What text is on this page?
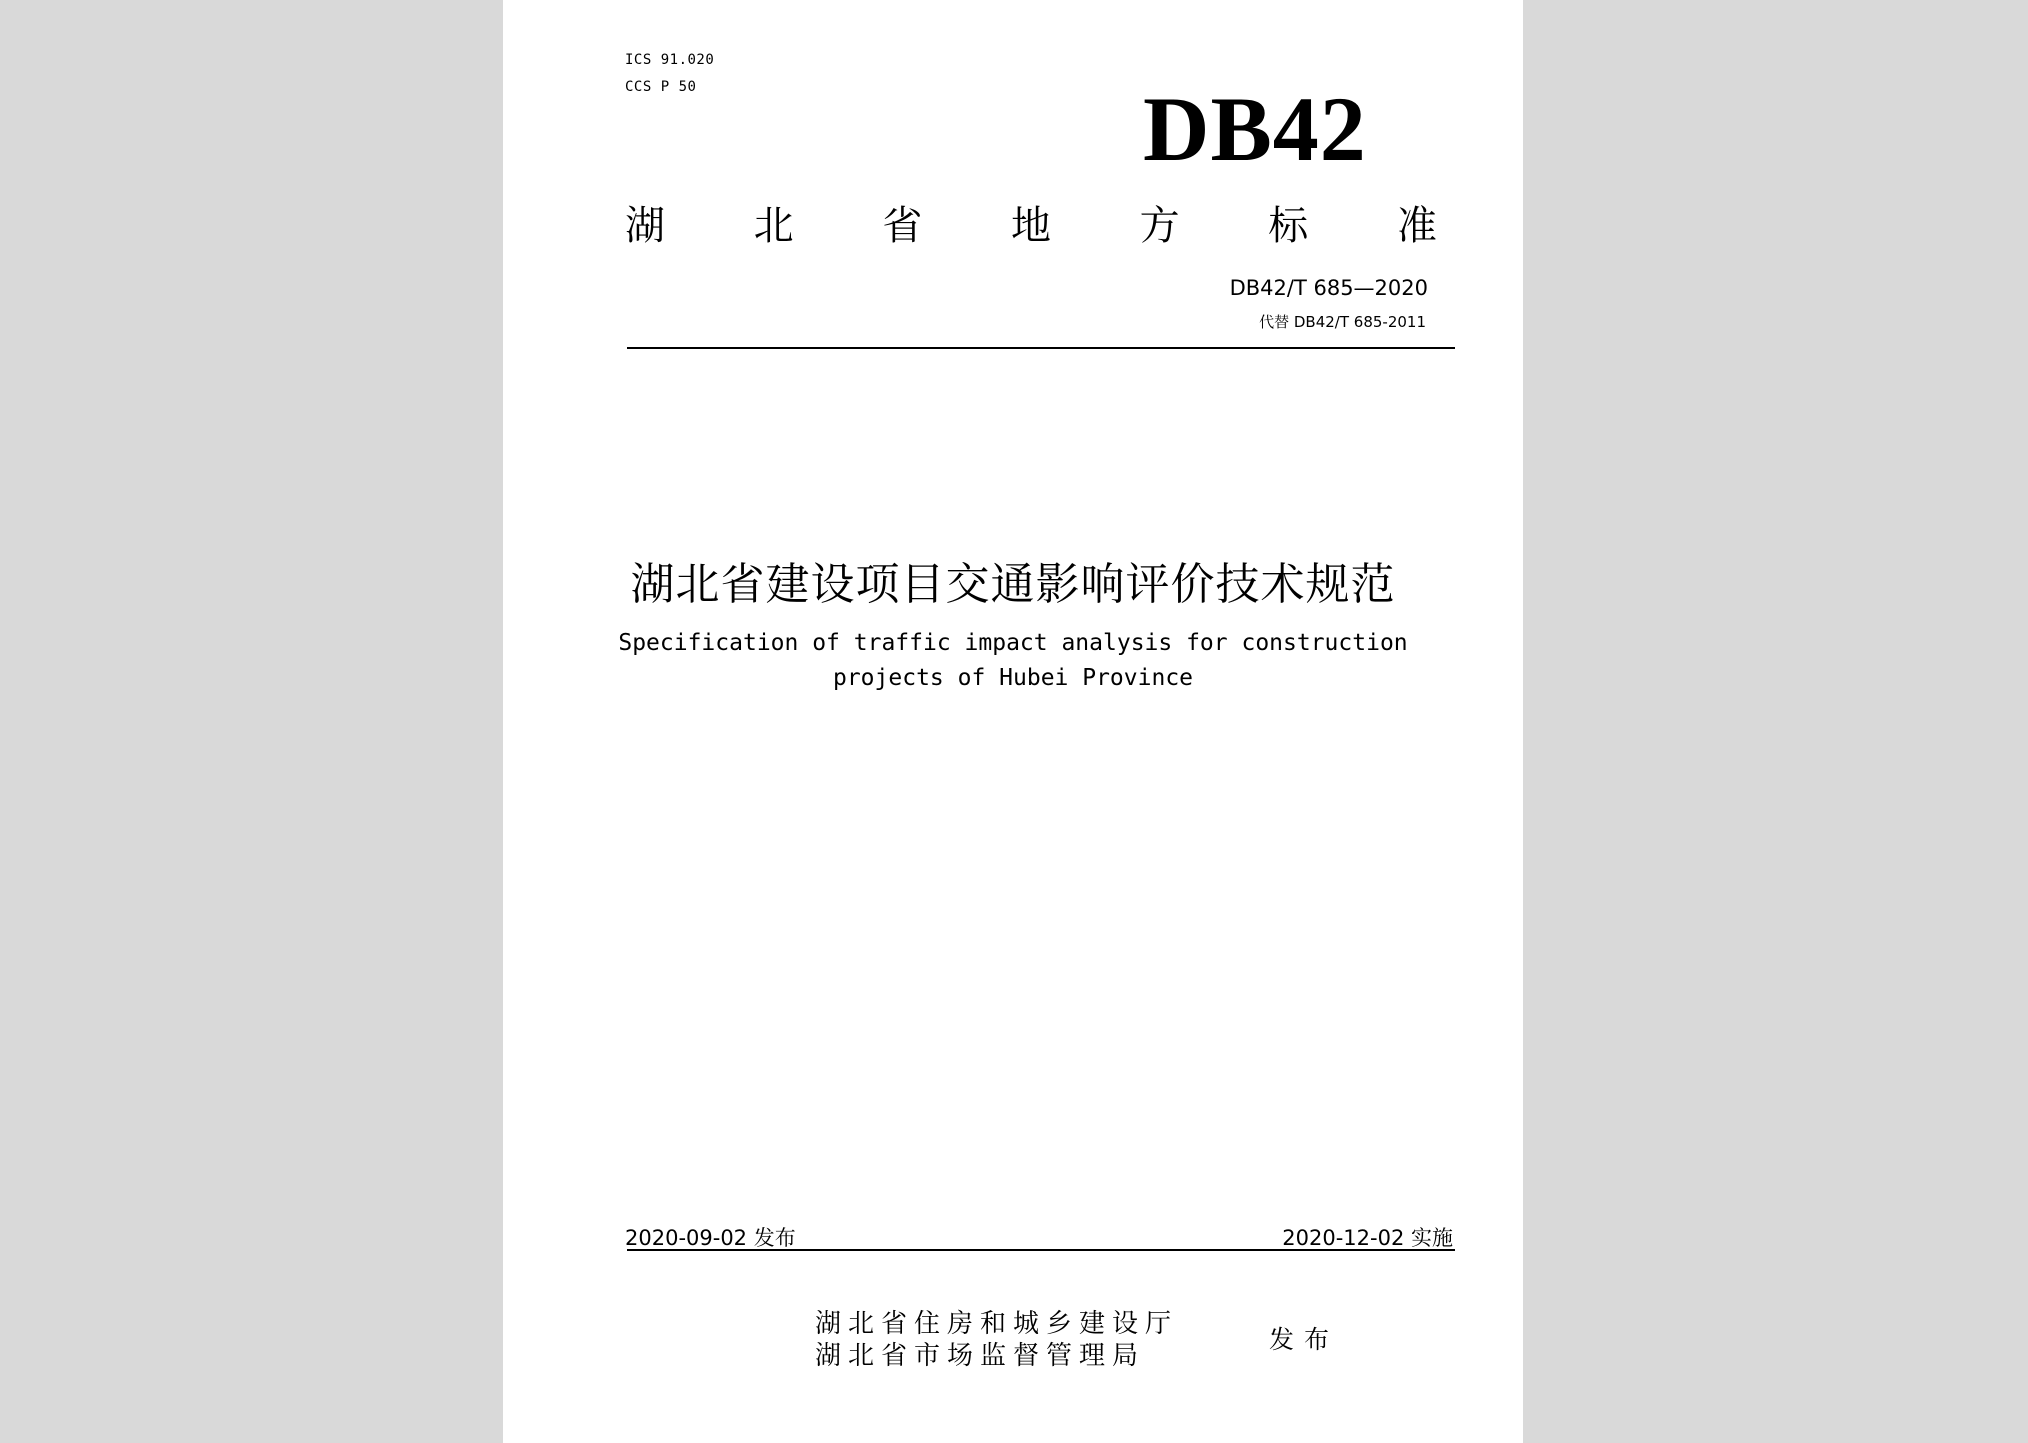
ICS 91.020
CCS P 50	DB42
湖 北 省 地 方 标 准
DB42/T 685—2020
代替 DB42/T 685-2011
湖北省建设项目交通影响评价技术规范
Specification of traffic impact analysis for construction
projects of Hubei Province
2020-09-02 发布	2020-12-02 实施
湖北省住房和城乡建设厅
湖北省市场监督管理局
发布
